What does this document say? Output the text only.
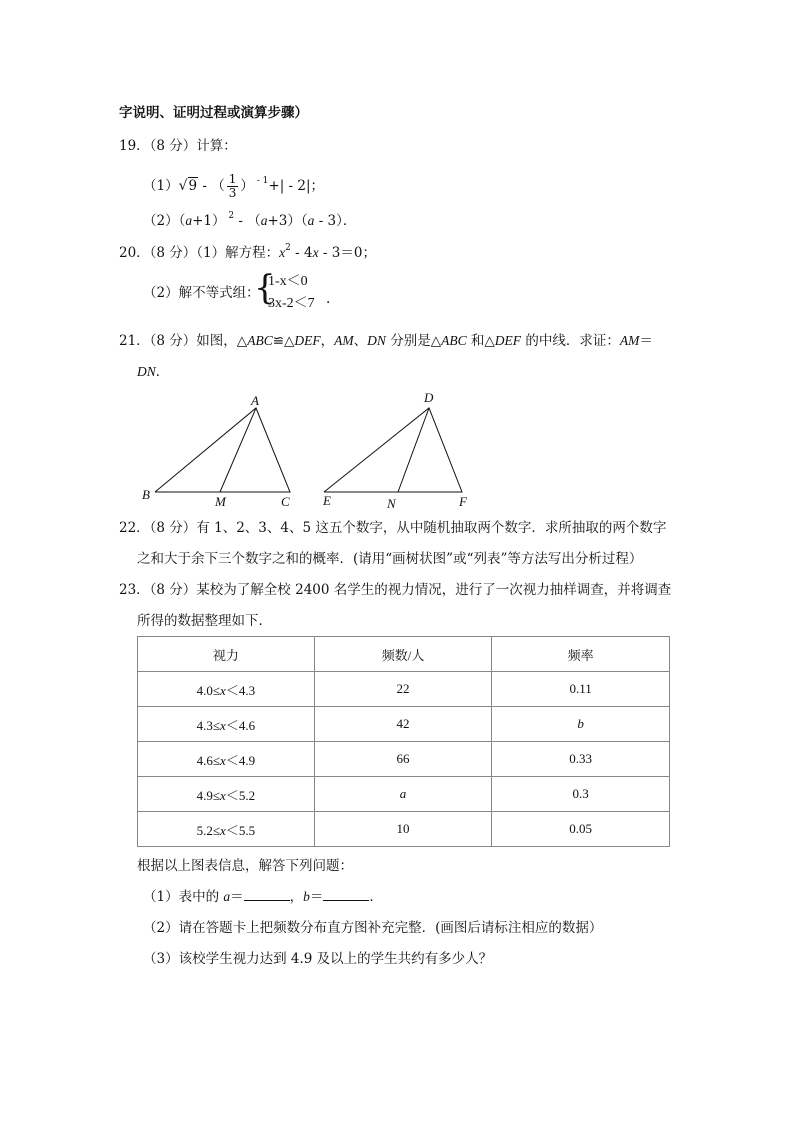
字说明、证明过程或演算步骤）
19．（8 分）计算：
（1）√9 - （ $\frac{1}{3}$ ） $^{- 1}$+| - 2|；
（2）（a+1） $^2$ - （a+3）（a - 3）．
20．（8 分）（1）解方程：$x^2 - 4x - 3=0$；
（2）解不等式组：
{
1-x＜0
3x-2＜7 .
21．（8 分）如图，△ABC≌△DEF，AM、DN 分别是△ABC 和△DEF 的中线．求证：AM＝
DN．
A
B	M	C
D
E	N	F
22．（8 分）有 1、2、3、4、5 这五个数字，从中随机抽取两个数字．求所抽取的两个数字
之和大于余下三个数字之和的概率．(请用“画树状图”或“列表”等方法写出分析过程）
23．（8 分）某校为了解全校 2400 名学生的视力情况，进行了一次视力抽样调查，并将调查
所得的数据整理如下．
视力	频数/人	频率
4.0≤x＜4.3	22	0.11
4.3≤x＜4.6	42	b
4.6≤x＜4.9	66	0.33
4.9≤x＜5.2	a	0.3
5.2≤x＜5.5	10	0.05
根据以上图表信息，解答下列问题：
（1）表中的 a＝	，b＝	．
（2）请在答题卡上把频数分布直方图补充完整．(画图后请标注相应的数据）
（3）该校学生视力达到 4.9 及以上的学生共约有多少人？
